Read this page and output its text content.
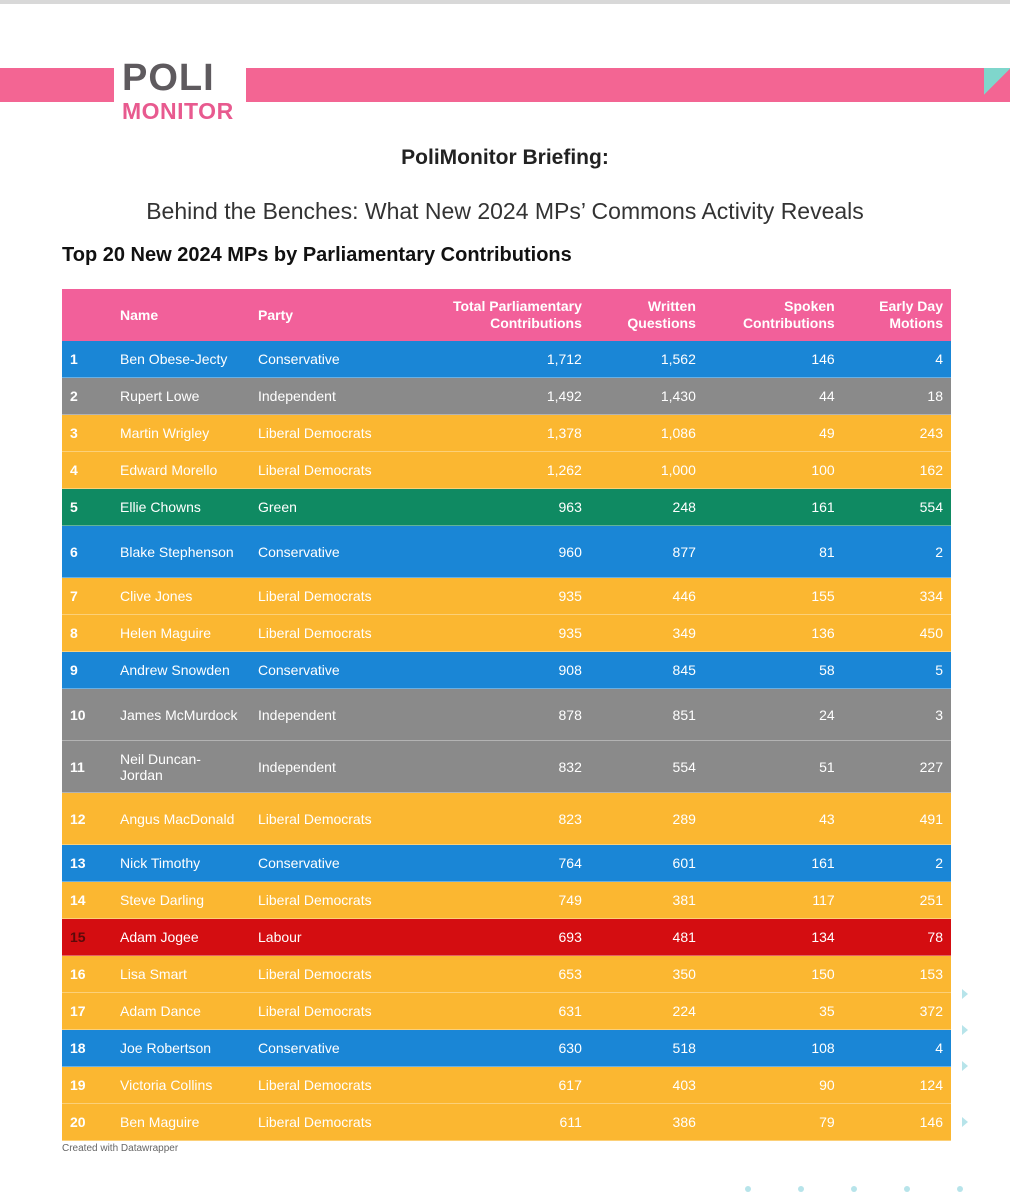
POLI
MONITOR
PoliMonitor Briefing:
Behind the Benches: What New 2024 MPs’ Commons Activity Reveals
Top 20 New 2024 MPs by Parliamentary Contributions
	Name	Party	Total Parliamentary Contributions	Written Questions	Spoken Contributions	Early Day Motions
1	Ben Obese-Jecty	Conservative	1,712	1,562	146	4
2	Rupert Lowe	Independent	1,492	1,430	44	18
3	Martin Wrigley	Liberal Democrats	1,378	1,086	49	243
4	Edward Morello	Liberal Democrats	1,262	1,000	100	162
5	Ellie Chowns	Green	963	248	161	554
6	Blake Stephenson	Conservative	960	877	81	2
7	Clive Jones	Liberal Democrats	935	446	155	334
8	Helen Maguire	Liberal Democrats	935	349	136	450
9	Andrew Snowden	Conservative	908	845	58	5
10	James McMurdock	Independent	878	851	24	3
11	Neil Duncan-Jordan	Independent	832	554	51	227
12	Angus MacDonald	Liberal Democrats	823	289	43	491
13	Nick Timothy	Conservative	764	601	161	2
14	Steve Darling	Liberal Democrats	749	381	117	251
15	Adam Jogee	Labour	693	481	134	78
16	Lisa Smart	Liberal Democrats	653	350	150	153
17	Adam Dance	Liberal Democrats	631	224	35	372
18	Joe Robertson	Conservative	630	518	108	4
19	Victoria Collins	Liberal Democrats	617	403	90	124
20	Ben Maguire	Liberal Democrats	611	386	79	146
Created with Datawrapper
